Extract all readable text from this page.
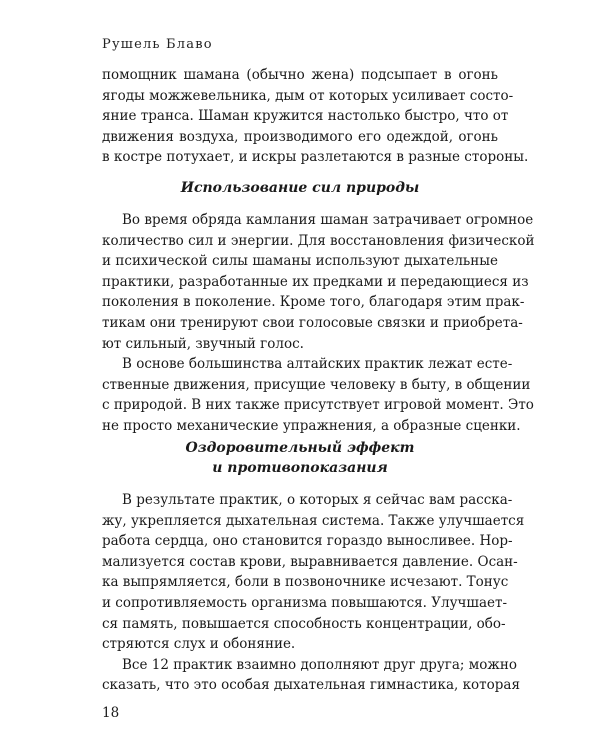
Рушель Блаво
помощник шамана (обычно жена) подсыпает в огонь
ягоды можжевельника, дым от которых усиливает состо-
яние транса. Шаман кружится настолько быстро, что от
движения воздуха, производимого его одеждой, огонь
в костре потухает, и искры разлетаются в разные стороны.
Использование сил природы
Во время обряда камлания шаман затрачивает огромное
количество сил и энергии. Для восстановления физической
и психической силы шаманы используют дыхательные
практики, разработанные их предками и передающиеся из
поколения в поколение. Кроме того, благодаря этим прак-
тикам они тренируют свои голосовые связки и приобрета-
ют сильный, звучный голос.
В основе большинства алтайских практик лежат есте-
ственные движения, присущие человеку в быту, в общении
с природой. В них также присутствует игровой момент. Это
не просто механические упражнения, а образные сценки.
Оздоровительный эффект
и противопоказания
В результате практик, о которых я сейчас вам расска-
жу, укрепляется дыхательная система. Также улучшается
работа сердца, оно становится гораздо выносливее. Нор-
мализуется состав крови, выравнивается давление. Осан-
ка выпрямляется, боли в позвоночнике исчезают. Тонус
и сопротивляемость организма повышаются. Улучшает-
ся память, повышается способность концентрации, обо-
стряются слух и обоняние.
Все 12 практик взаимно дополняют друг друга; можно
сказать, что это особая дыхательная гимнастика, которая
18
